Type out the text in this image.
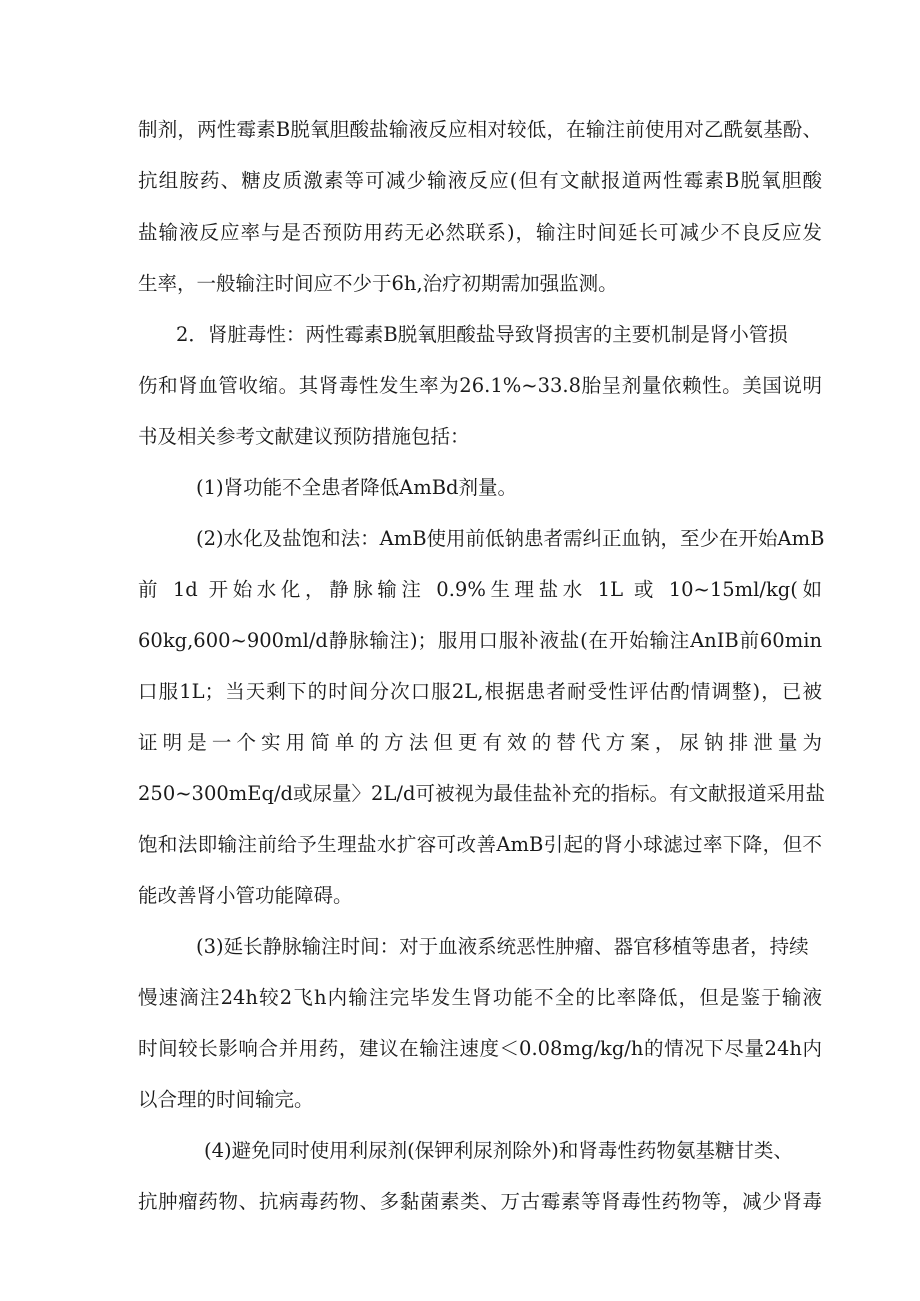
制剂，两性霉素B脱氧胆酸盐输液反应相对较低，在输注前使用对乙酰氨基酚、
抗组胺药、糖皮质激素等可减少输液反应(但有文献报道两性霉素B脱氧胆酸
盐输液反应率与是否预防用药无必然联系)，输注时间延长可减少不良反应发
生率，一般输注时间应不少于6h,治疗初期需加强监测。
2．肾脏毒性：两性霉素B脱氧胆酸盐导致肾损害的主要机制是肾小管损
伤和肾血管收缩。其肾毒性发生率为26.1%~33.8胎呈剂量依赖性。美国说明
书及相关参考文献建议预防措施包括：
(1)肾功能不全患者降低AmBd剂量。
(2)水化及盐饱和法：AmB使用前低钠患者需纠正血钠，至少在开始AmB
前 1d 开始水化，静脉输注 0.9%生理盐水 1L 或 10~15ml/kg(如
60kg,600~900ml/d静脉输注)；服用口服补液盐(在开始输注AnIB前60min
口服1L；当天剩下的时间分次口服2L,根据患者耐受性评估酌情调整)，已被
证明是一个实用简单的方法但更有效的替代方案，尿钠排泄量为
250~300mEq/d或尿量〉2L/d可被视为最佳盐补充的指标。有文献报道采用盐
饱和法即输注前给予生理盐水扩容可改善AmB引起的肾小球滤过率下降，但不
能改善肾小管功能障碍。
(3)延长静脉输注时间：对于血液系统恶性肿瘤、器官移植等患者，持续
慢速滴注24h较2飞h内输注完毕发生肾功能不全的比率降低，但是鉴于输液
时间较长影响合并用药，建议在输注速度＜0.08mg/kg/h的情况下尽量24h内
以合理的时间输完。
(4)避免同时使用利尿剂(保钾利尿剂除外)和肾毒性药物氨基糖甘类、
抗肿瘤药物、抗病毒药物、多黏菌素类、万古霉素等肾毒性药物等，减少肾毒
